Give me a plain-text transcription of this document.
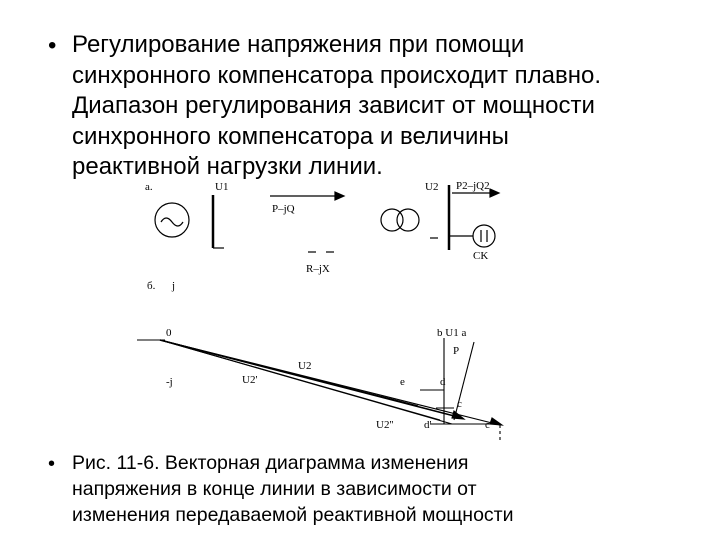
• Регулирование напряжения при помощи
синхронного компенсатора происходит плавно.
Диапазон регулирования зависит от мощности
синхронного компенсатора и величины
реактивной нагрузки линии.
а.	U1
P–jQ
U2 P2–jQ2
R–jX
CK
б. j
0
-j
b U1 a
P
U2
U2'
U2''
e	d
c
c'
d'
• Рис. 11-6. Векторная диаграмма изменения
напряжения в конце линии в зависимости от
изменения передаваемой реактивной мощности
